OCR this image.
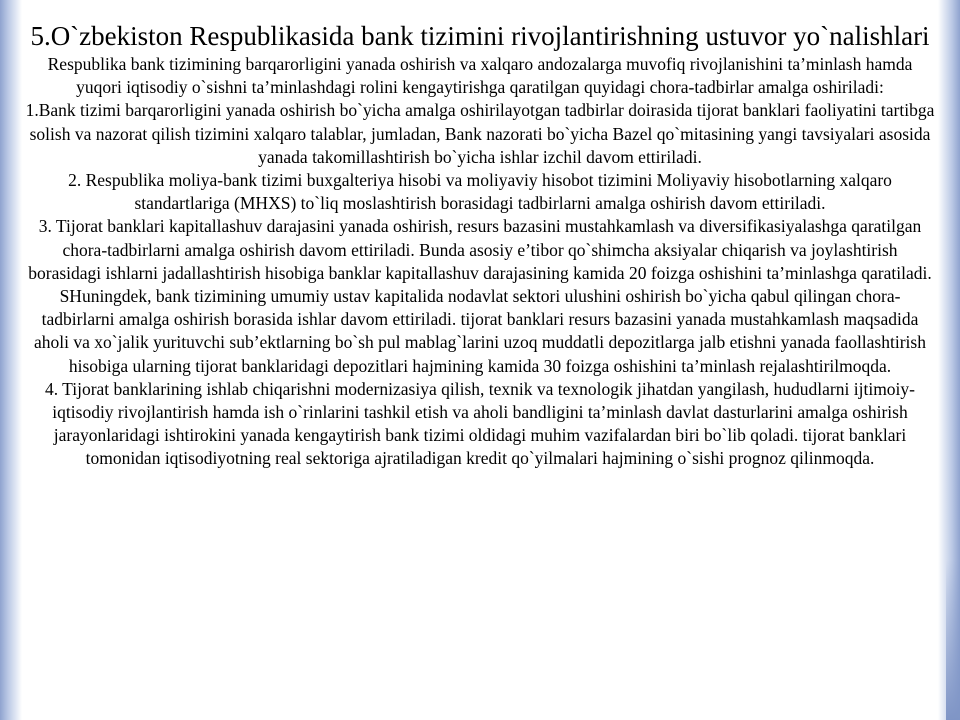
5.O`zbekiston Respublikasida bank tizimini rivojlantirishning ustuvor yo`nalishlari

Respublika bank tizimining barqarorligini yanada oshirish va xalqaro andozalarga muvofiq rivojlanishini ta’minlash hamda yuqori iqtisodiy o`sishni ta’minlashdagi rolini kengaytirishga qaratilgan quyidagi chora-tadbirlar amalga oshiriladi:

1.Bank tizimi barqarorligini yanada oshirish bo`yicha amalga oshirilayotgan tadbirlar doirasida tijorat banklari faoliyatini tartibga solish va nazorat qilish tizimini xalqaro talablar, jumladan, Bank nazorati bo`yicha Bazel qo`mitasining yangi tavsiyalari asosida yanada takomillashtirish bo`yicha ishlar izchil davom ettiriladi.

2. Respublika moliya-bank tizimi buxgalteriya hisobi va moliyaviy hisobot tizimini Moliyaviy hisobotlarning xalqaro standartlariga (MHXS) to`liq moslashtirish borasidagi tadbirlarni amalga oshirish davom ettiriladi.

3. Tijorat banklari kapitallashuv darajasini yanada oshirish, resurs bazasini mustahkamlash va diversifikasiyalashga qaratilgan chora-tadbirlarni amalga oshirish davom ettiriladi. Bunda asosiy e’tibor qo`shimcha aksiyalar chiqarish va joylashtirish borasidagi ishlarni jadallashtirish hisobiga banklar kapitallashuv darajasining kamida 20 foizga oshishini ta’minlashga qaratiladi. SHuningdek, bank tizimining umumiy ustav kapitalida nodavlat sektori ulushini oshirish bo`yicha qabul qilingan chora-tadbirlarni amalga oshirish borasida ishlar davom ettiriladi. tijorat banklari resurs bazasini yanada mustahkamlash maqsadida aholi va xo`jalik yurituvchi sub’ektlarning bo`sh pul mablag`larini uzoq muddatli depozitlarga jalb etishni yanada faollashtirish hisobiga ularning tijorat banklaridagi depozitlari hajmining kamida 30 foizga oshishini ta’minlash rejalashtirilmoqda.

4. Tijorat banklarining ishlab chiqarishni modernizasiya qilish, texnik va texnologik jihatdan yangilash, hududlarni ijtimoiy-iqtisodiy rivojlantirish hamda ish o`rinlarini tashkil etish va aholi bandligini ta’minlash davlat dasturlarini amalga oshirish jarayonlaridagi ishtirokini yanada kengaytirish bank tizimi oldidagi muhim vazifalardan biri bo`lib qoladi. tijorat banklari tomonidan iqtisodiyotning real sektoriga ajratiladigan kredit qo`yilmalari hajmining o`sishi prognoz qilinmoqda.
